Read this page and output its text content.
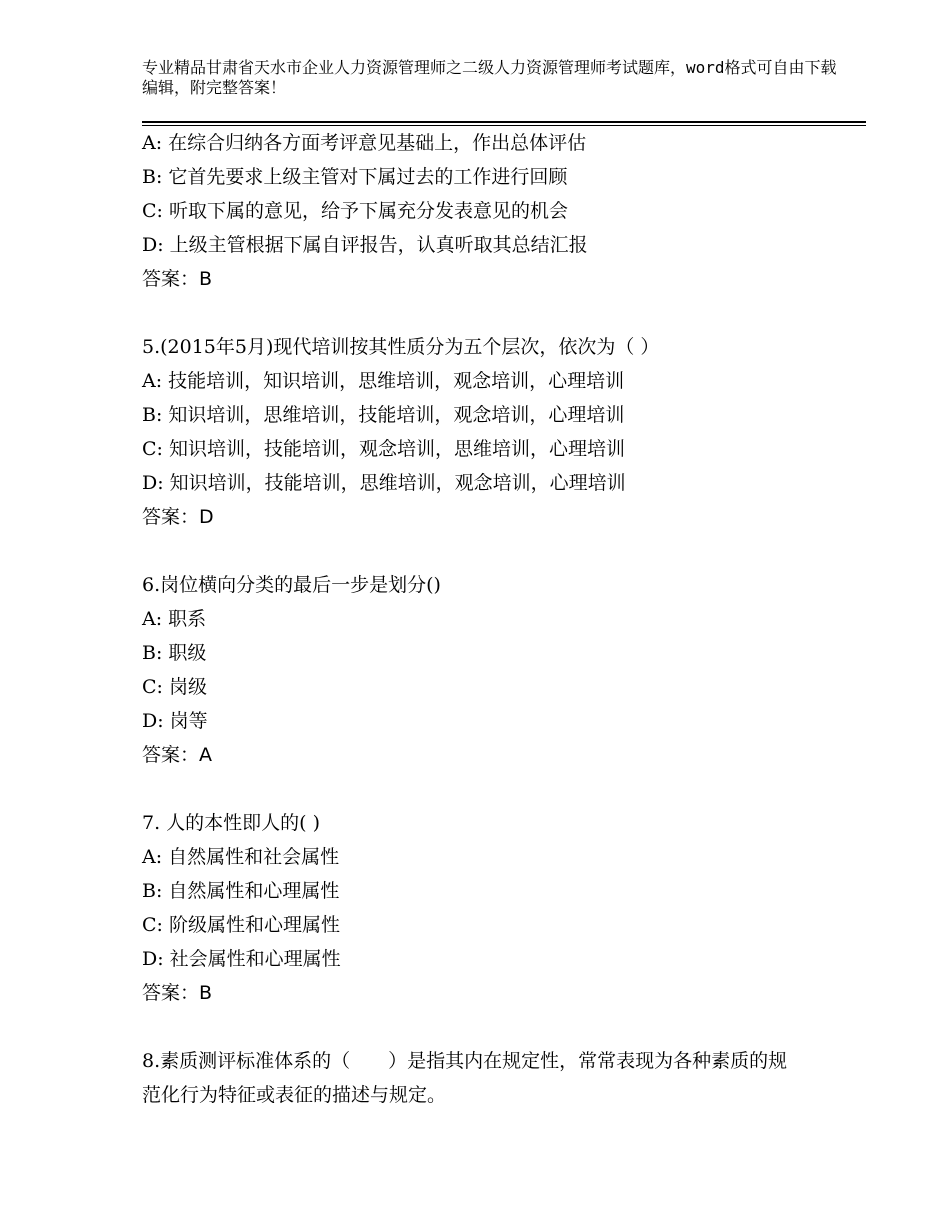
专业精品甘肃省天水市企业人力资源管理师之二级人力资源管理师考试题库，word格式可自由下载编辑，附完整答案！

A: 在综合归纳各方面考评意见基础上，作出总体评估

B: 它首先要求上级主管对下属过去的工作进行回顾

C: 听取下属的意见，给予下属充分发表意见的机会

D: 上级主管根据下属自评报告，认真听取其总结汇报

答案：B

5.(2015年5月)现代培训按其性质分为五个层次，依次为（ ）

A: 技能培训，知识培训，思维培训，观念培训，心理培训

B: 知识培训，思维培训，技能培训，观念培训，心理培训

C: 知识培训，技能培训，观念培训，思维培训，心理培训

D: 知识培训，技能培训，思维培训，观念培训，心理培训

答案：D

6.岗位横向分类的最后一步是划分()

A: 职系

B: 职级

C: 岗级

D: 岗等

答案：A

7. 人的本性即人的( )

A: 自然属性和社会属性

B: 自然属性和心理属性

C: 阶级属性和心理属性

D: 社会属性和心理属性

答案：B

8.素质测评标准体系的（　　）是指其内在规定性，常常表现为各种素质的规范化行为特征或表征的描述与规定。
